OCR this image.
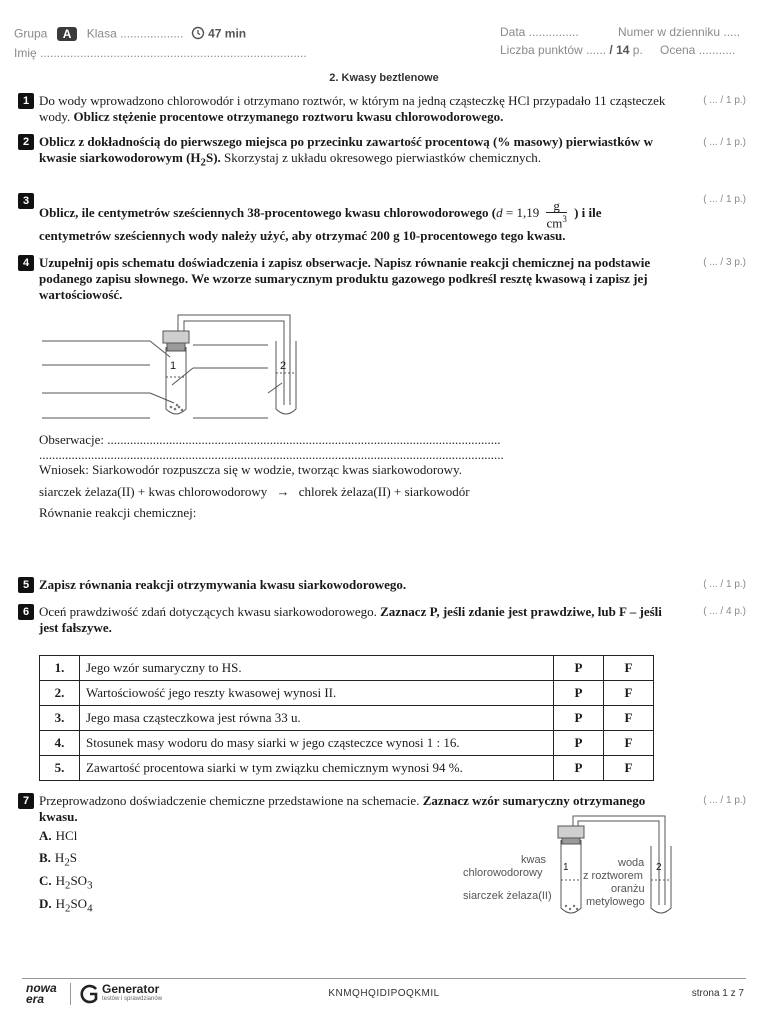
Grupa A Klasa ................... 47 min
Imię ................................................................................
Data ...............	Numer w dzienniku .....
Liczba punktów ...... / 14 p. Ocena ...........
2. Kwasy beztlenowe
1 Do wody wprowadzono chlorowodór i otrzymano roztwór, w którym na jedną cząsteczkę HCl przypadało 11 cząsteczek wody. Oblicz stężenie procentowe otrzymanego roztworu kwasu chlorowodorowego.
( ... / 1 p.)
2 Oblicz z dokładnością do pierwszego miejsca po przecinku zawartość procentową (% masowy) pierwiastków w kwasie siarkowodorowym $(H_2S)$. Skorzystaj z układu okresowego pierwiastków chemicznych.
( ... / 1 p.)
3
Oblicz, ile centymetrów sześciennych 38-procentowego kwasu chlorowodorowego ($d = 1,19 \frac{g}{cm^3}$ ) i ile
centymetrów sześciennych wody należy użyć, aby otrzymać 200 g 10-procentowego tego kwasu.
( ... / 1 p.)
4 Uzupełnij opis schematu doświadczenia i zapisz obserwacje. Napisz równanie reakcji chemicznej na podstawie podanego zapisu słownego. We wzorze sumarycznym produktu gazowego podkreśl resztę kwasową i zapisz jej wartościowość.
( ... / 3 p.)
1	2
Obserwacje: .........................................................................................................................
...............................................................................................................................................
Wniosek: Siarkowodór rozpuszcza się w wodzie, tworząc kwas siarkowodorowy.
siarczek żelaza(II) + kwas chlorowodorowy → chlorek żelaza(II) + siarkowodór
Równanie reakcji chemicznej:
5 Zapisz równania reakcji otrzymywania kwasu siarkowodorowego.	( ... / 1 p.)
6 Oceń prawdziwość zdań dotyczących kwasu siarkowodorowego. Zaznacz P, jeśli zdanie jest prawdziwe, lub F – jeśli jest fałszywe.
( ... / 4 p.)
1.	Jego wzór sumaryczny to HS.	P	F
2.	Wartościowość jego reszty kwasowej wynosi II.	P	F
3.	Jego masa cząsteczkowa jest równa 33 u.	P	F
4.	Stosunek masy wodoru do masy siarki w jego cząsteczce wynosi 1 : 16.	P	F
5.	Zawartość procentowa siarki w tym związku chemicznym wynosi 94 %.	P	F
7 Przeprowadzono doświadczenie chemiczne przedstawione na schemacie. Zaznacz wzór sumaryczny otrzymanego kwasu.
( ... / 1 p.)
A. HCl
B. $H_2S$
C. $H_2SO_3$
D. $H_2SO_4$
kwas
chlorowodorowy
siarczek żelaza(II)
woda
z roztworem
oranżu
metylowego
1	2
nowa
era
Generator
testów i sprawdzianów	KNMQHQIDIPOQKMIL	strona 1 z 7
